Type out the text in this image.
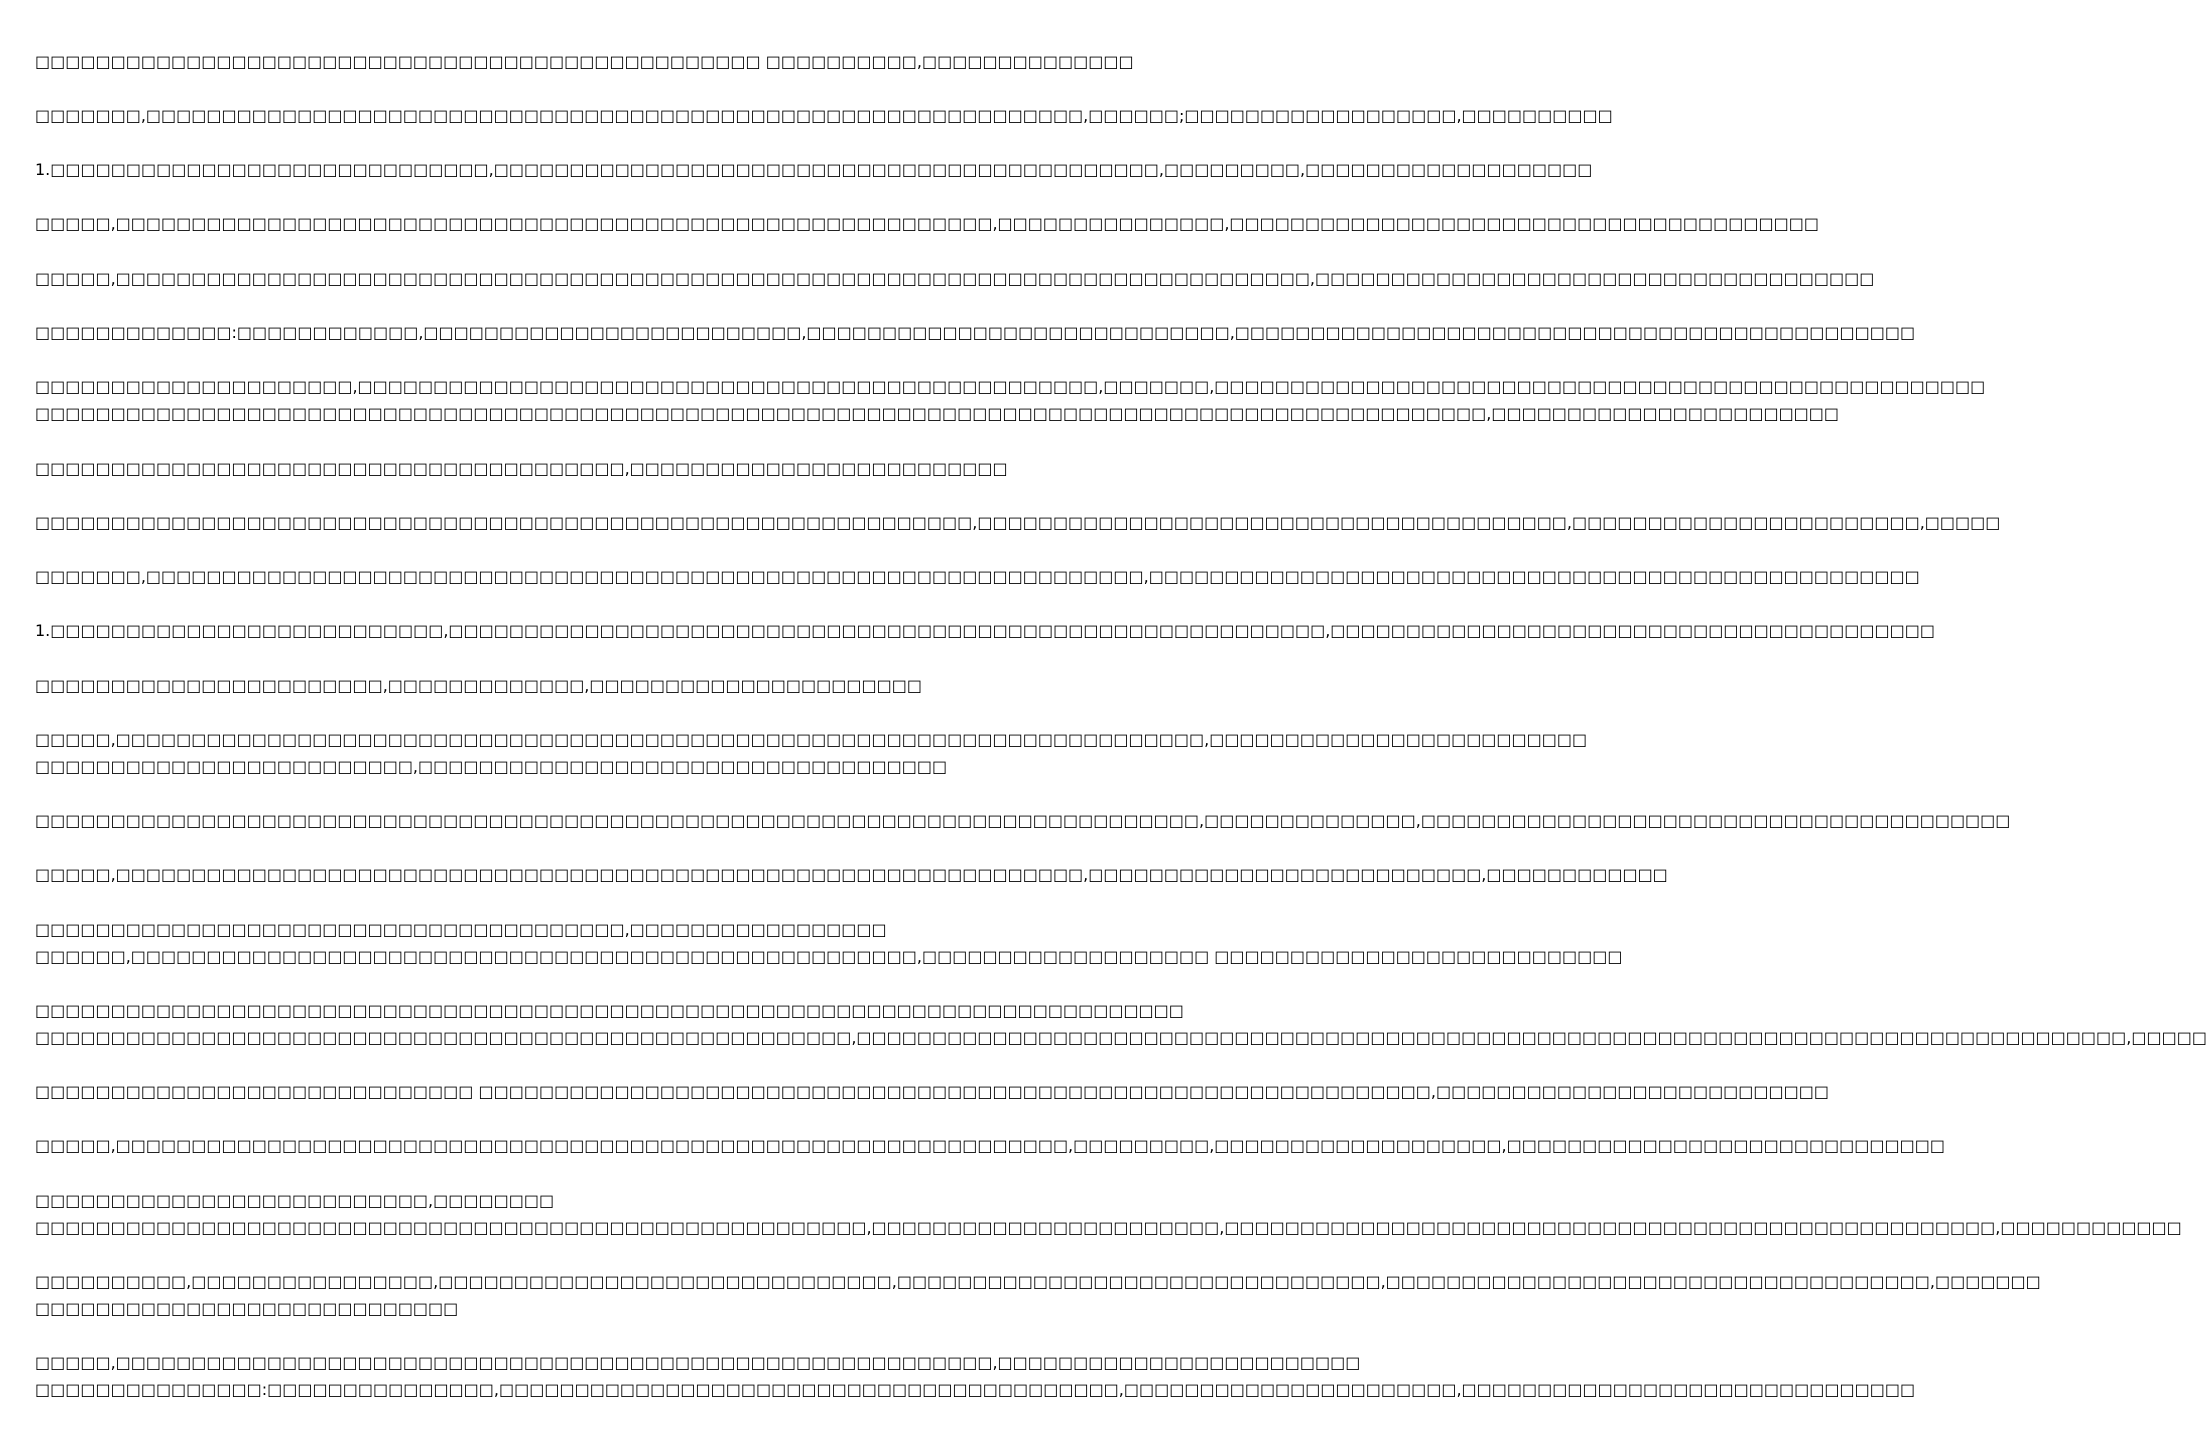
□□□□□□□□□□□□□□□□□□□□□□□□□□□□□□□□□□□□□□□□□□□□□□□□ □□□□□□□□□□,□□□□□□□□□□□□□□

□□□□□□□,□□□□□□□□□□□□□□□□□□□□□□□□□□□□□□□□□□□□□□□□□□□□□□□□□□□□□□□□□□□□□□,□□□□□□;□□□□□□□□□□□□□□□□□□,□□□□□□□□□□

1.□□□□□□□□□□□□□□□□□□□□□□□□□□□□□,□□□□□□□□□□□□□□□□□□□□□□□□□□□□□□□□□□□□□□□□□□□□,□□□□□□□□□,□□□□□□□□□□□□□□□□□□□

□□□□□,□□□□□□□□□□□□□□□□□□□□□□□□□□□□□□□□□□□□□□□□□□□□□□□□□□□□□□□□□□,□□□□□□□□□□□□□□□,□□□□□□□□□□□□□□□□□□□□□□□□□□□□□□□□□□□□□□□

□□□□□,□□□□□□□□□□□□□□□□□□□□□□□□□□□□□□□□□□□□□□□□□□□□□□□□□□□□□□□□□□□□□□□□□□□□□□□□□□□□□□□,□□□□□□□□□□□□□□□□□□□□□□□□□□□□□□□□□□□□□

□□□□□□□□□□□□□:□□□□□□□□□□□□,□□□□□□□□□□□□□□□□□□□□□□□□□,□□□□□□□□□□□□□□□□□□□□□□□□□□□□,□□□□□□□□□□□□□□□□□□□□□□□□□□□□□□□□□□□□□□□□□□□□□

□□□□□□□□□□□□□□□□□□□□□,□□□□□□□□□□□□□□□□□□□□□□□□□□□□□□□□□□□□□□□□□□□□□□□□□,□□□□□□□,□□□□□□□□□□□□□□□□□□□□□□□□□□□□□□□□□□□□□□□□□□□□□□□□□□□

□□□□□□□□□□□□□□□□□□□□□□□□□□□□□□□□□□□□□□□□□□□□□□□□□□□□□□□□□□□□□□□□□□□□□□□□□□□□□□□□□□□□□□□□□□□□□□□□,□□□□□□□□□□□□□□□□□□□□□□□

□□□□□□□□□□□□□□□□□□□□□□□□□□□□□□□□□□□□□□□,□□□□□□□□□□□□□□□□□□□□□□□□□

□□□□□□□□□□□□□□□□□□□□□□□□□□□□□□□□□□□□□□□□□□□□□□□□□□□□□□□□□□□□□□,□□□□□□□□□□□□□□□□□□□□□□□□□□□□□□□□□□□□□□□,□□□□□□□□□□□□□□□□□□□□□□□,□□□□□

□□□□□□□,□□□□□□□□□□□□□□□□□□□□□□□□□□□□□□□□□□□□□□□□□□□□□□□□□□□□□□□□□□□□□□□□□□,□□□□□□□□□□□□□□□□□□□□□□□□□□□□□□□□□□□□□□□□□□□□□□□□□□□

1.□□□□□□□□□□□□□□□□□□□□□□□□□□,□□□□□□□□□□□□□□□□□□□□□□□□□□□□□□□□□□□□□□□□□□□□□□□□□□□□□□□□□□,□□□□□□□□□□□□□□□□□□□□□□□□□□□□□□□□□□□□□□□□

□□□□□□□□□□□□□□□□□□□□□□□,□□□□□□□□□□□□□,□□□□□□□□□□□□□□□□□□□□□□

□□□□□,□□□□□□□□□□□□□□□□□□□□□□□□□□□□□□□□□□□□□□□□□□□□□□□□□□□□□□□□□□□□□□□□□□□□□□□□,□□□□□□□□□□□□□□□□□□□□□□□□□

□□□□□□□□□□□□□□□□□□□□□□□□□,□□□□□□□□□□□□□□□□□□□□□□□□□□□□□□□□□□□

□□□□□□□□□□□□□□□□□□□□□□□□□□□□□□□□□□□□□□□□□□□□□□□□□□□□□□□□□□□□□□□□□□□□□□□□□□□□□,□□□□□□□□□□□□□□,□□□□□□□□□□□□□□□□□□□□□□□□□□□□□□□□□□□□□□□

□□□□□,□□□□□□□□□□□□□□□□□□□□□□□□□□□□□□□□□□□□□□□□□□□□□□□□□□□□□□□□□□□□□□□□,□□□□□□□□□□□□□□□□□□□□□□□□□□,□□□□□□□□□□□□

□□□□□□□□□□□□□□□□□□□□□□□□□□□□□□□□□□□□□□□,□□□□□□□□□□□□□□□□□

□□□□□□,□□□□□□□□□□□□□□□□□□□□□□□□□□□□□□□□□□□□□□□□□□□□□□□□□□□□,□□□□□□□□□□□□□□□□□□□ □□□□□□□□□□□□□□□□□□□□□□□□□□□

□□□□□□□□□□□□□□□□□□□□□□□□□□□□□□□□□□□□□□□□□□□□□□□□□□□□□□□□□□□□□□□□□□□□□□□□□□□□

□□□□□□□□□□□□□□□□□□□□□□□□□□□□□□□□□□□□□□□□□□□□□□□□□□□□□□,□□□□□□□□□□□□□□□□□□□□□□□□□□□□□□□□□□□□□□□□□□□□□□□□□□□□□□□□□□□□□□□□□□□□□□□□□□□□□□□□□□□□,□□□□□

□□□□□□□□□□□□□□□□□□□□□□□□□□□□□ □□□□□□□□□□□□□□□□□□□□□□□□□□□□□□□□□□□□□□□□□□□□□□□□□□□□□□□□□□□□□□□,□□□□□□□□□□□□□□□□□□□□□□□□□□

□□□□□,□□□□□□□□□□□□□□□□□□□□□□□□□□□□□□□□□□□□□□□□□□□□□□□□□□□□□□□□□□□□□□□,□□□□□□□□□,□□□□□□□□□□□□□□□□□□□,□□□□□□□□□□□□□□□□□□□□□□□□□□□□□

□□□□□□□□□□□□□□□□□□□□□□□□□□,□□□□□□□□

□□□□□□□□□□□□□□□□□□□□□□□□□□□□□□□□□□□□□□□□□□□□□□□□□□□□□□□,□□□□□□□□□□□□□□□□□□□□□□□,□□□□□□□□□□□□□□□□□□□□□□□□□□□□□□□□□□□□□□□□□□□□□□□□□□□,□□□□□□□□□□□□

□□□□□□□□□□,□□□□□□□□□□□□□□□□,□□□□□□□□□□□□□□□□□□□□□□□□□□□□□□,□□□□□□□□□□□□□□□□□□□□□□□□□□□□□□□□,□□□□□□□□□□□□□□□□□□□□□□□□□□□□□□□□□□□□,□□□□□□□

□□□□□□□□□□□□□□□□□□□□□□□□□□□□

□□□□□,□□□□□□□□□□□□□□□□□□□□□□□□□□□□□□□□□□□□□□□□□□□□□□□□□□□□□□□□□□,□□□□□□□□□□□□□□□□□□□□□□□□

□□□□□□□□□□□□□□□:□□□□□□□□□□□□□□□,□□□□□□□□□□□□□□□□□□□□□□□□□□□□□□□□□□□□□□□□□,□□□□□□□□□□□□□□□□□□□□□□,□□□□□□□□□□□□□□□□□□□□□□□□□□□□□□
